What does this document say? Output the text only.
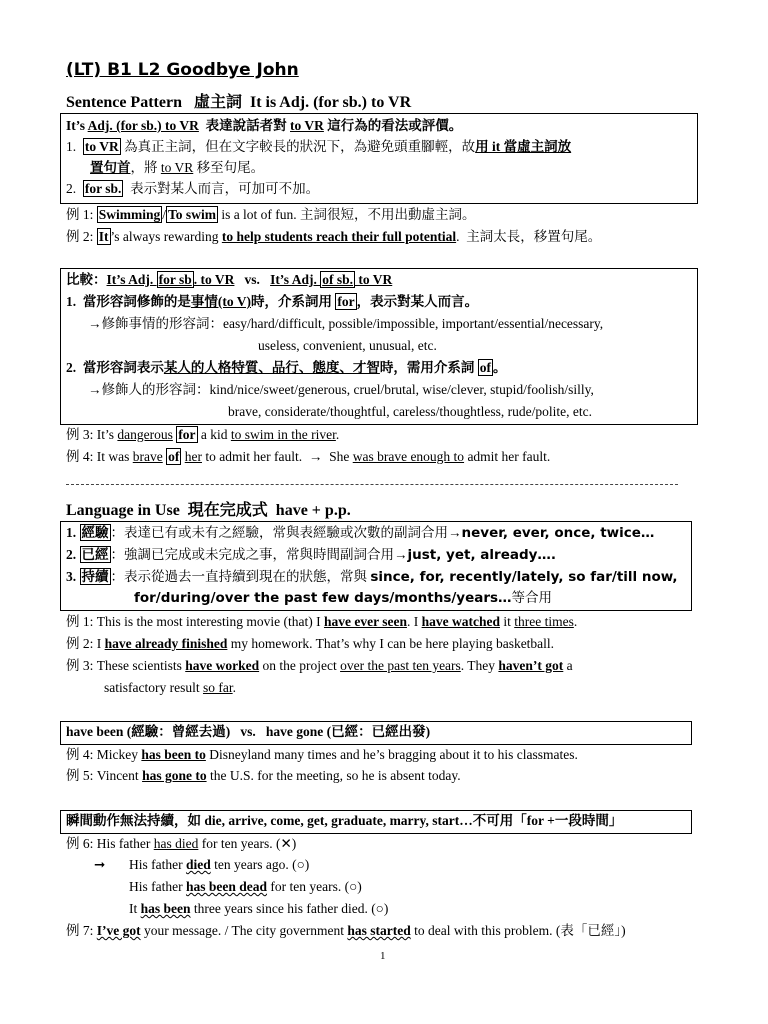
(LT) B1 L2 Goodbye John
Sentence Pattern   虛主詞  It is Adj. (for sb.) to VR
It’s Adj. (for sb.) to VR  表達說話者對 to VR 這行為的看法或評價。
1.  to VR 為真正主詞，但在文字較長的狀況下，為避免頭重腳輕，故用 it 當虛主詞放
置句首，將 to VR 移至句尾。
2.  for sb.  表示對某人而言，可加可不加。
例 1: Swimming / To swim is a lot of fun. 主詞很短，不用出動虛主詞。
例 2: It ’s always rewarding to help students reach their full potential.  主詞太長，移置句尾。
比較：It’s Adj. for sb . to VR   vs.   It’s Adj. of sb. to VR
1.  當形容詞修飾的是事情(to V)時，介系詞用 for ，表示對某人而言。
→修飾事情的形容詞：easy/hard/difficult, possible/impossible, important/essential/necessary,
useless, convenient, unusual, etc.
2.  當形容詞表示某人的人格特質、品行、態度、才智時，需用介系詞 of 。
→修飾人的形容詞：kind/nice/sweet/generous, cruel/brutal, wise/clever, stupid/foolish/silly,
brave, considerate/thoughtful, careless/thoughtless, rude/polite, etc.
例 3: It’s dangerous for a kid to swim in the river.
例 4: It was brave of her to admit her fault.  →  She was brave enough to admit her fault.
Language in Use  現在完成式  have + p.p.
1. 經驗 ：表達已有或未有之經驗，常與表經驗或次數的副詞合用→never, ever, once, twice…
2. 已經 ：強調已完成或未完成之事，常與時間副詞合用→just, yet, already….
3. 持續 ：表示從過去一直持續到現在的狀態，常與 since, for, recently/lately, so far/till now,
for/during/over the past few days/months/years…等合用
例 1: This is the most interesting movie (that) I have ever seen. I have watched it three times.
例 2: I have already finished my homework. That’s why I can be here playing basketball.
例 3: These scientists have worked on the project over the past ten years. They haven’t got a
satisfactory result so far.
have been (經驗：曾經去過)   vs.   have gone (已經：已經出發)
例 4: Mickey has been to Disneyland many times and he’s bragging about it to his classmates.
例 5: Vincent has gone to the U.S. for the meeting, so he is absent today.
瞬間動作無法持續，如 die, arrive, come, get, graduate, marry, start…不可用「for +一段時間」
例 6: His father has died for ten years. (✕)
➞ His father died ten years ago. (○)
His father has been dead for ten years. (○)
It has been three years since his father died. (○)
例 7: I’ve got your message. / The city government has started to deal with this problem. (表「已經」)
1
